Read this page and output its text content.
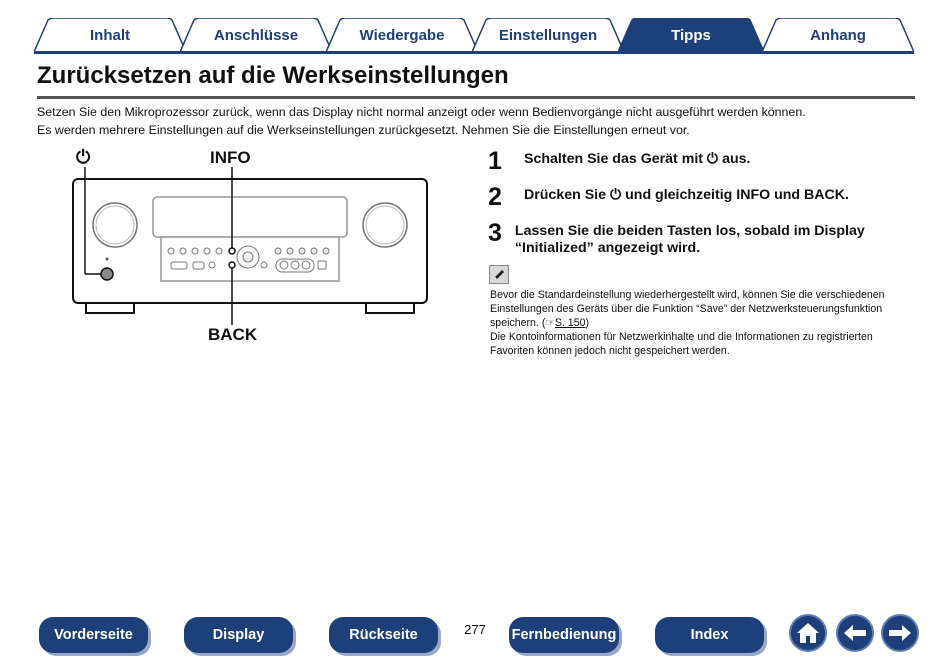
Inhalt	Anschlüsse	Wiedergabe	Einstellungen	Tipps	Anhang
Zurücksetzen auf die Werkseinstellungen
Setzen Sie den Mikroprozessor zurück, wenn das Display nicht normal anzeigt oder wenn Bedienvorgänge nicht ausgeführt werden können.
Es werden mehrere Einstellungen auf die Werkseinstellungen zurückgesetzt. Nehmen Sie die Einstellungen erneut vor.
⏻	INFO
BACK
1	Schalten Sie das Gerät mit ⏻ aus.
2	Drücken Sie ⏻ und gleichzeitig INFO und BACK.
3 Lassen Sie die beiden Tasten los, sobald im Display “Initialized” angezeigt wird.
Bevor die Standardeinstellung wiederhergestellt wird, können Sie die verschiedenen Einstellungen des Geräts über die Funktion “Save” der Netzwerksteuerungsfunktion speichern. (☞S. 150)
Die Kontoinformationen für Netzwerkinhalte und die Informationen zu registrierten Favoriten können jedoch nicht gespeichert werden.
Vorderseite	Display	Rückseite	277	Fernbedienung	Index
